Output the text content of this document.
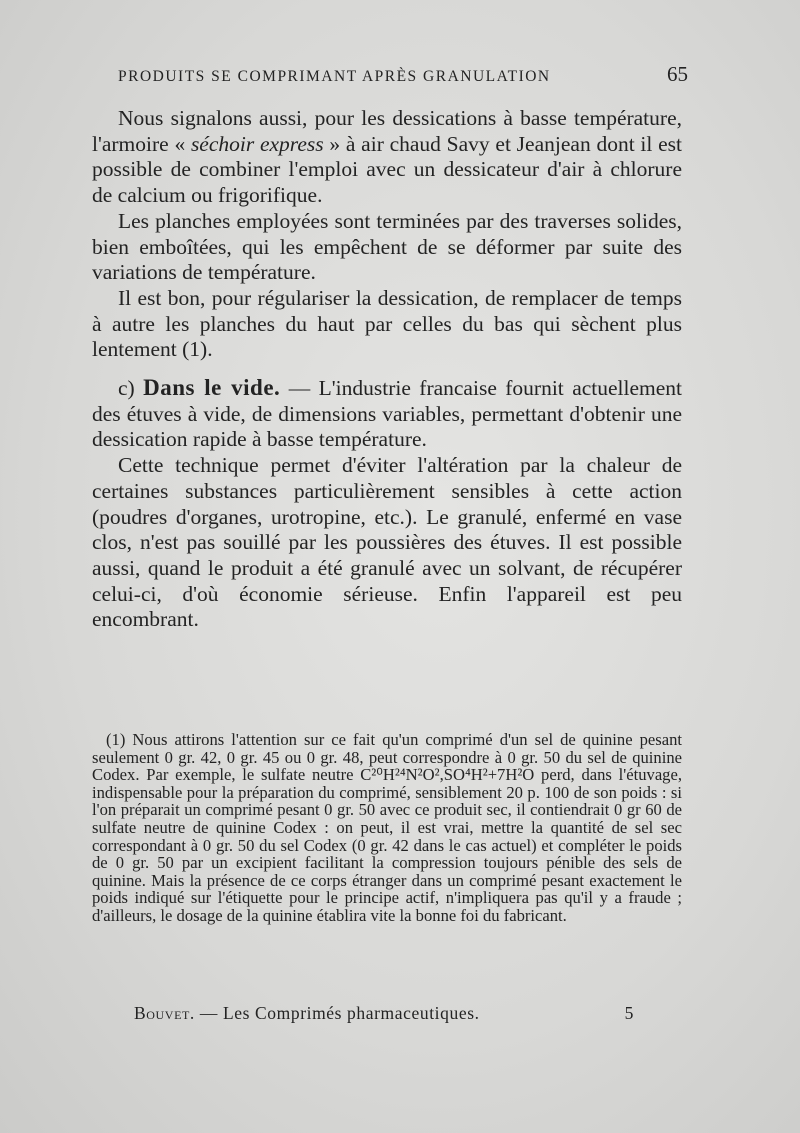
PRODUITS SE COMPRIMANT APRÈS GRANULATION	65

Nous signalons aussi, pour les dessications à basse température, l'armoire « séchoir express » à air chaud Savy et Jeanjean dont il est possible de combiner l'emploi avec un dessicateur d'air à chlorure de calcium ou frigorifique.

Les planches employées sont terminées par des traverses solides, bien emboîtées, qui les empêchent de se déformer par suite des variations de température.

Il est bon, pour régulariser la dessication, de remplacer de temps à autre les planches du haut par celles du bas qui sèchent plus lentement (1).

c) Dans le vide. — L'industrie francaise fournit actuellement des étuves à vide, de dimensions variables, permettant d'obtenir une dessication rapide à basse température.

Cette technique permet d'éviter l'altération par la chaleur de certaines substances particulièrement sensibles à cette action (poudres d'organes, urotropine, etc.). Le granulé, enfermé en vase clos, n'est pas souillé par les poussières des étuves. Il est possible aussi, quand le produit a été granulé avec un solvant, de récupérer celui-ci, d'où économie sérieuse. Enfin l'appareil est peu encombrant.

(1) Nous attirons l'attention sur ce fait qu'un comprimé d'un sel de quinine pesant seulement 0 gr. 42, 0 gr. 45 ou 0 gr. 48, peut correspondre à 0 gr. 50 du sel de quinine Codex. Par exemple, le sulfate neutre C²⁰H²⁴N²O²,SO⁴H²+7H²O perd, dans l'étuvage, indispensable pour la préparation du comprimé, sensiblement 20 p. 100 de son poids : si l'on préparait un comprimé pesant 0 gr. 50 avec ce produit sec, il contiendrait 0 gr 60 de sulfate neutre de quinine Codex : on peut, il est vrai, mettre la quantité de sel sec correspondant à 0 gr. 50 du sel Codex (0 gr. 42 dans le cas actuel) et compléter le poids de 0 gr. 50 par un excipient facilitant la compression toujours pénible des sels de quinine. Mais la présence de ce corps étranger dans un comprimé pesant exactement le poids indiqué sur l'étiquette pour le principe actif, n'impliquera pas qu'il y a fraude ; d'ailleurs, le dosage de la quinine établira vite la bonne foi du fabricant.

Bouvet. — Les Comprimés pharmaceutiques.	5
